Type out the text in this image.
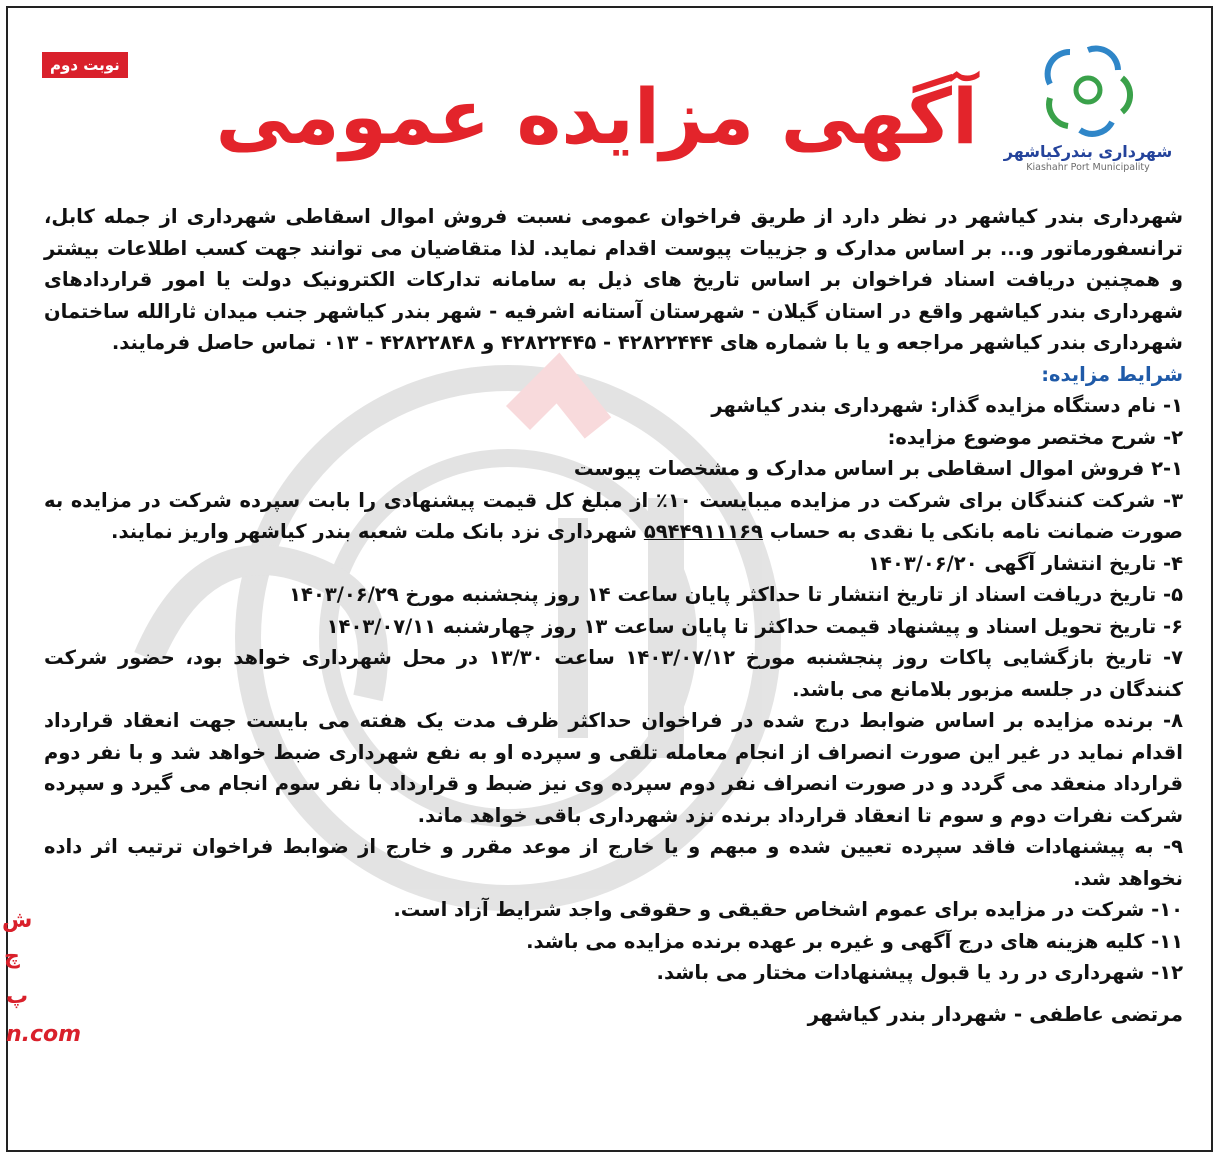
نوبت دوم
آگهی مزایده عمومی	شهرداری بندرکیاشهر
Kiashahr Port Municipality
ش
چ
پ
n.com

شهرداری بندر کیاشهر در نظر دارد از طریق فراخوان عمومی نسبت فروش اموال اسقاطی شهرداری از جمله کابل، ترانسفورماتور و... بر اساس مدارک و جزییات پیوست اقدام نماید. لذا متقاضیان می توانند جهت کسب اطلاعات بیشتر و همچنین دریافت اسناد فراخوان بر اساس تاریخ های ذیل به سامانه تدارکات الکترونیک دولت یا امور قراردادهای شهرداری بندر کیاشهر واقع در استان گیلان - شهرستان آستانه اشرفیه - شهر بندر کیاشهر جنب میدان ثارالله ساختمان شهرداری بندر کیاشهر مراجعه و یا با شماره های ۴۲۸۲۲۴۴۴ - ۴۲۸۲۲۴۴۵ و ۴۲۸۲۲۸۴۸ - ۰۱۳ تماس حاصل فرمایند.

شرایط مزایده:

۱- نام دستگاه مزایده گذار: شهرداری بندر کیاشهر

۲- شرح مختصر موضوع مزایده:

۲-۱ فروش اموال اسقاطی بر اساس مدارک و مشخصات پیوست

۳- شرکت کنندگان برای شرکت در مزایده میبایست ۱۰٪ از مبلغ کل قیمت پیشنهادی را بابت سپرده شرکت در مزایده به صورت ضمانت نامه بانکی یا نقدی به حساب ۵۹۴۴۹۱۱۱۶۹ شهرداری نزد بانک ملت شعبه بندر کیاشهر واریز نمایند.

۴- تاریخ انتشار آگهی ۱۴۰۳/۰۶/۲۰

۵- تاریخ دریافت اسناد از تاریخ انتشار تا حداکثر پایان ساعت ۱۴ روز پنجشنبه مورخ ۱۴۰۳/۰۶/۲۹

۶- تاریخ تحویل اسناد و پیشنهاد قیمت حداکثر تا پایان ساعت ۱۳ روز چهارشنبه ۱۴۰۳/۰۷/۱۱

۷- تاریخ بازگشایی پاکات روز پنجشنبه مورخ ۱۴۰۳/۰۷/۱۲ ساعت ۱۳/۳۰ در محل شهرداری خواهد بود، حضور شرکت کنندگان در جلسه مزبور بلامانع می باشد.

۸- برنده مزایده بر اساس ضوابط درج شده در فراخوان حداکثر ظرف مدت یک هفته می بایست جهت انعقاد قرارداد اقدام نماید در غیر این صورت انصراف از انجام معامله تلقی و سپرده او به نفع شهرداری ضبط خواهد شد و با نفر دوم قرارداد منعقد می گردد و در صورت انصراف نفر دوم سپرده وی نیز ضبط و قرارداد با نفر سوم انجام می گیرد و سپرده شرکت نفرات دوم و سوم تا انعقاد قرارداد برنده نزد شهرداری باقی خواهد ماند.

۹- به پیشنهادات فاقد سپرده تعیین شده و مبهم و یا خارج از موعد مقرر و خارج از ضوابط فراخوان ترتیب اثر داده نخواهد شد.

۱۰- شرکت در مزایده برای عموم اشخاص حقیقی و حقوقی واجد شرایط آزاد است.

۱۱- کلیه هزینه های درج آگهی و غیره بر عهده برنده مزایده می باشد.

۱۲- شهرداری در رد یا قبول پیشنهادات مختار می باشد.

مرتضی عاطفی - شهردار بندر کیاشهر
